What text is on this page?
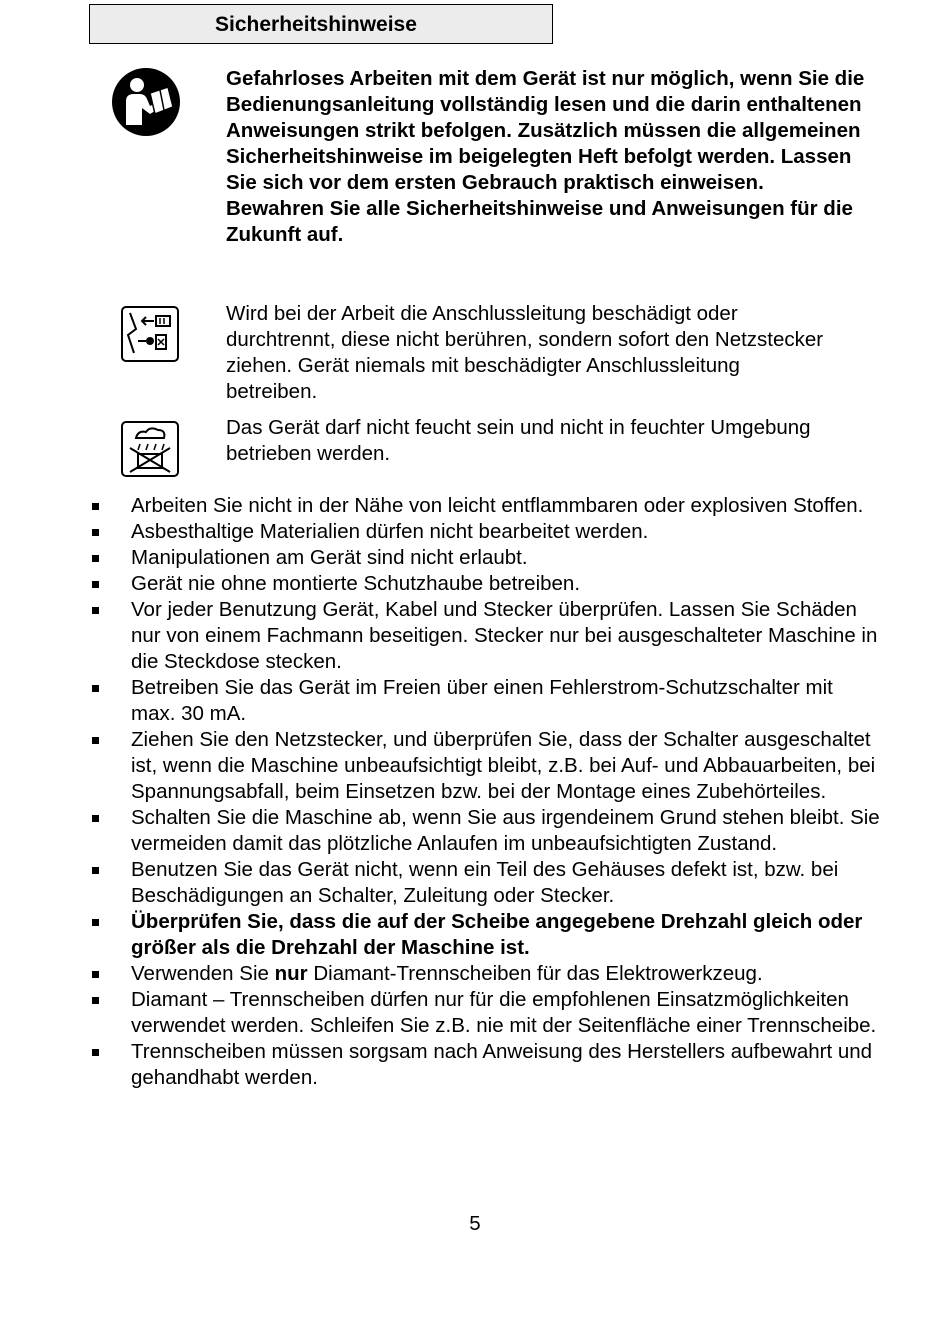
Sicherheitshinweise
Gefahrloses Arbeiten mit dem Gerät ist nur möglich, wenn Sie die Bedienungsanleitung vollständig lesen und die darin enthaltenen Anweisungen strikt befolgen. Zusätzlich müssen die allgemeinen Sicherheitshinweise im beigelegten Heft befolgt werden. Lassen Sie sich vor dem ersten Gebrauch praktisch einweisen. Bewahren Sie alle Sicherheitshinweise und Anweisungen für die Zukunft auf.
Wird bei der Arbeit die Anschlussleitung beschädigt oder durchtrennt, diese nicht berühren, sondern sofort den Netzstecker ziehen. Gerät niemals mit beschädigter Anschlussleitung betreiben.
Das Gerät darf nicht feucht sein und nicht in feuchter Umgebung betrieben werden.
Arbeiten Sie nicht in der Nähe von leicht entflammbaren oder explosiven Stoffen.
Asbesthaltige Materialien dürfen nicht bearbeitet werden.
Manipulationen am Gerät sind nicht erlaubt.
Gerät nie ohne montierte Schutzhaube betreiben.
Vor jeder Benutzung Gerät, Kabel und Stecker überprüfen. Lassen Sie Schäden nur von einem Fachmann beseitigen. Stecker nur bei ausgeschalteter Maschine in die Steckdose stecken.
Betreiben Sie das Gerät im Freien über einen Fehlerstrom-Schutzschalter mit max. 30 mA.
Ziehen Sie den Netzstecker, und überprüfen Sie, dass der Schalter ausgeschaltet ist, wenn die Maschine unbeaufsichtigt bleibt, z.B. bei Auf- und Abbauarbeiten, bei Spannungsabfall, beim Einsetzen bzw. bei der Montage eines Zubehörteiles.
Schalten Sie die Maschine ab, wenn Sie aus irgendeinem Grund stehen bleibt. Sie vermeiden damit das plötzliche Anlaufen im unbeaufsichtigten Zustand.
Benutzen Sie das Gerät nicht, wenn ein Teil des Gehäuses defekt ist, bzw. bei Beschädigungen an Schalter, Zuleitung oder Stecker.
Überprüfen Sie, dass die auf der Scheibe angegebene Drehzahl gleich oder größer als die Drehzahl der Maschine ist.
Verwenden Sie nur Diamant-Trennscheiben für das Elektrowerkzeug.
Diamant – Trennscheiben dürfen nur für die empfohlenen Einsatzmöglichkeiten verwendet werden. Schleifen Sie z.B. nie mit der Seitenfläche einer Trennscheibe.
Trennscheiben müssen sorgsam nach Anweisung des Herstellers aufbewahrt und gehandhabt werden.
5
